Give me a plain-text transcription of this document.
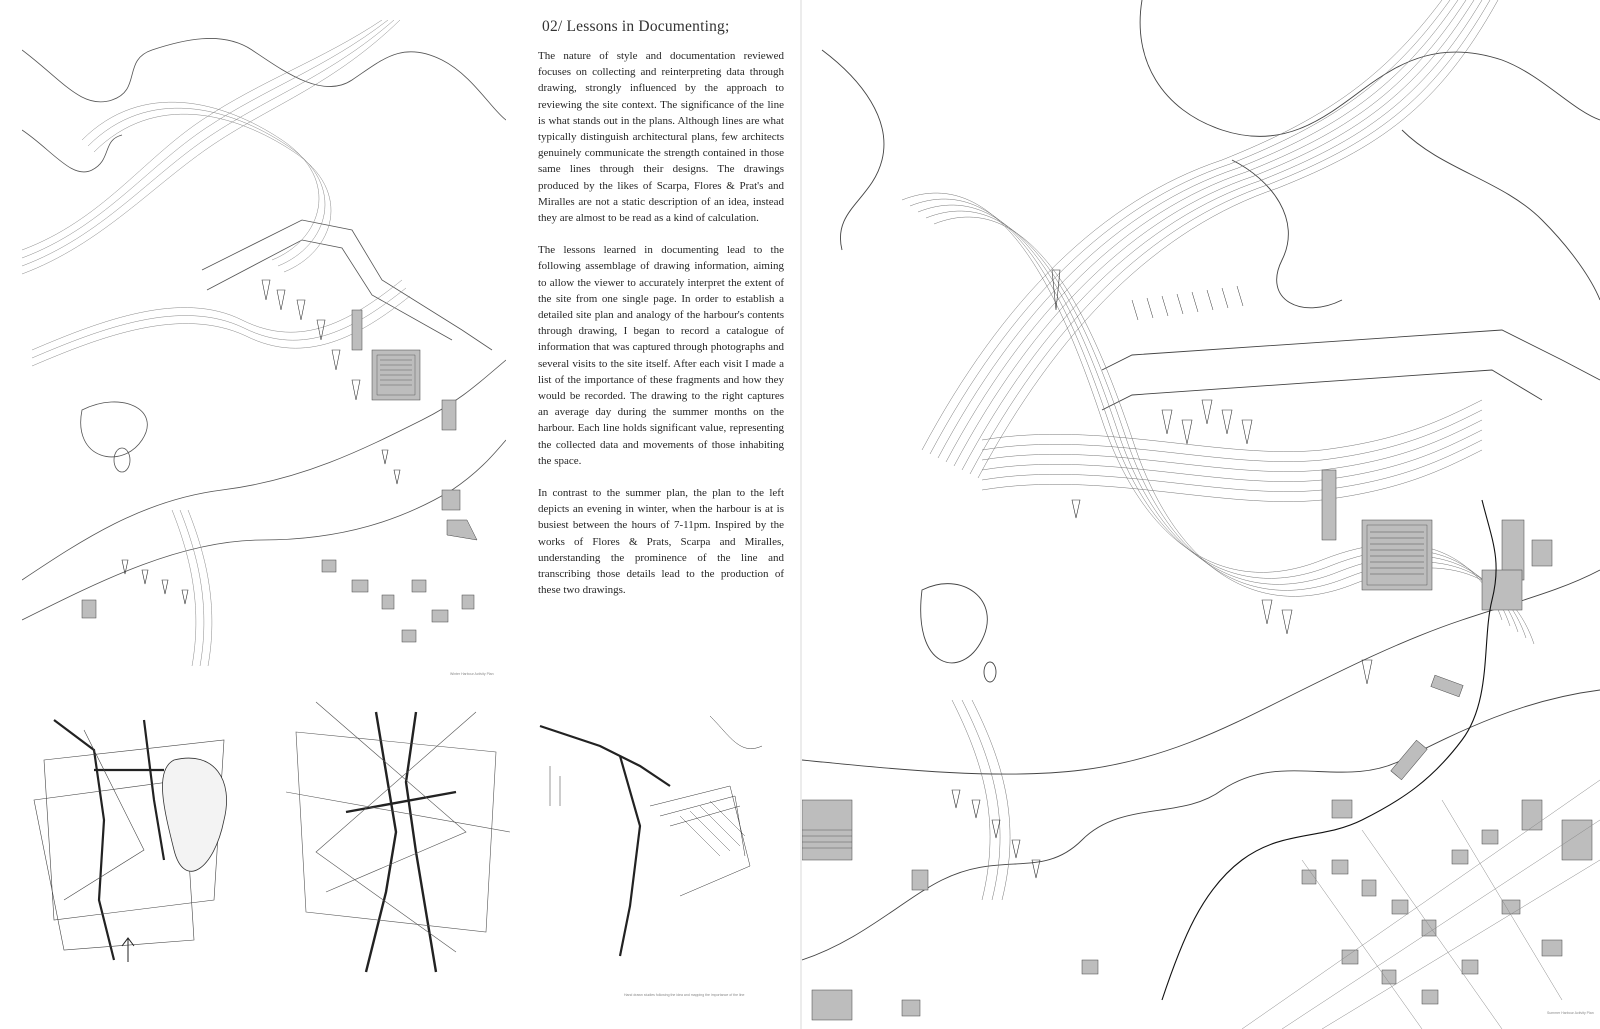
Winter Harbour Activity Plan
02/ Lessons in Documenting;

The nature of style and documentation reviewed focuses on collecting and reinterpreting data through drawing, strongly influenced by the approach to reviewing the site context. The significance of the line is what stands out in the plans. Although lines are what typically distinguish architectural plans, few architects genuinely communicate the strength contained in those same lines through their designs. The drawings produced by the likes of Scarpa, Flores & Prat's and Miralles are not a static description of an idea, instead they are almost to be read as a kind of calculation.

The lessons learned in documenting lead to the following assemblage of drawing information, aiming to allow the viewer to accurately interpret the extent of the site from one single page. In order to establish a detailed site plan and analogy of the harbour's contents through drawing, I began to record a catalogue of information that was captured through photographs and several visits to the site itself. After each visit I made a list of the importance of these fragments and how they would be recorded. The drawing to the right captures an average day during the summer months on the harbour. Each line holds significant value, representing the collected data and movements of those inhabiting the space.

In contrast to the summer plan, the plan to the left depicts an evening in winter, when the harbour is at is busiest between the hours of 7-11pm. Inspired by the works of Flores & Prats, Scarpa and Miralles, understanding the prominence of the line and transcribing those details lead to the production of these two drawings.

Hand drawn studies following the idea and mapping the importance of the line
Summer Harbour Activity Plan
